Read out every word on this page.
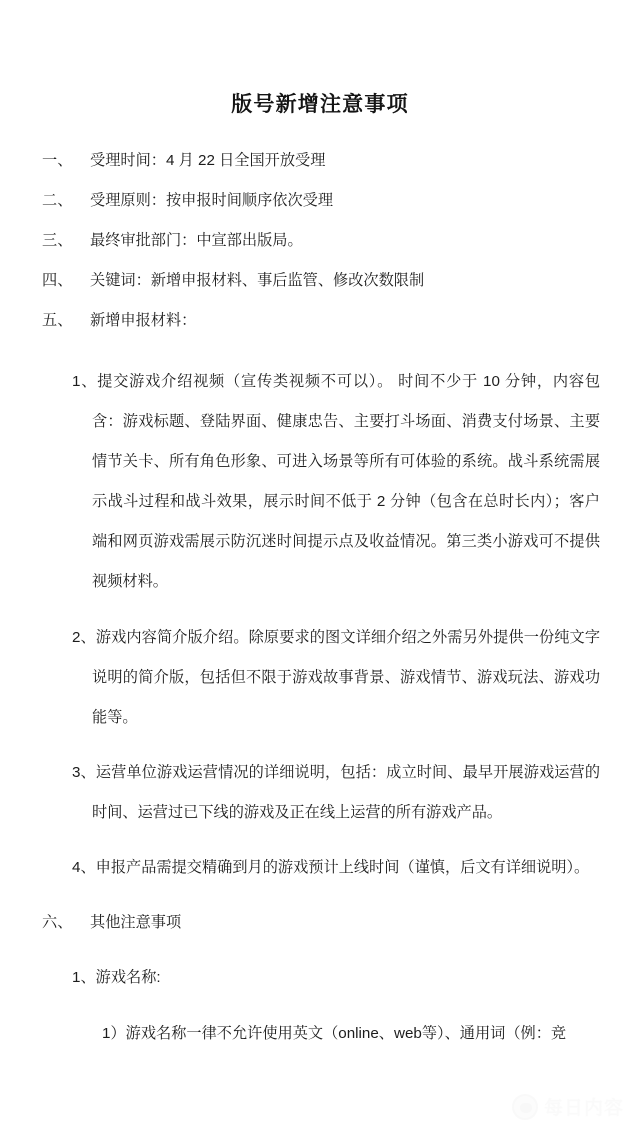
版号新增注意事项
一、	受理时间：4 月 22 日全国开放受理
二、	受理原则：按申报时间顺序依次受理
三、	最终审批部门：中宣部出版局。
四、	关键词：新增申报材料、事后监管、修改次数限制
五、	新增申报材料：

1、提交游戏介绍视频（宣传类视频不可以）。 时间不少于 10 分钟，内容包含：游戏标题、登陆界面、健康忠告、主要打斗场面、消费支付场景、主要情节关卡、所有角色形象、可进入场景等所有可体验的系统。战斗系统需展示战斗过程和战斗效果，展示时间不低于 2 分钟（包含在总时长内）；客户端和网页游戏需展示防沉迷时间提示点及收益情况。第三类小游戏可不提供视频材料。

2、游戏内容简介版介绍。除原要求的图文详细介绍之外需另外提供一份纯文字说明的简介版，包括但不限于游戏故事背景、游戏情节、游戏玩法、游戏功能等。

3、运营单位游戏运营情况的详细说明，包括：成立时间、最早开展游戏运营的时间、运营过已下线的游戏及正在线上运营的所有游戏产品。

4、申报产品需提交精确到月的游戏预计上线时间（谨慎，后文有详细说明）。

六、	其他注意事项

1、游戏名称:

1）游戏名称一律不允许使用英文（online、web等）、通用词（例：竞

每日内容
